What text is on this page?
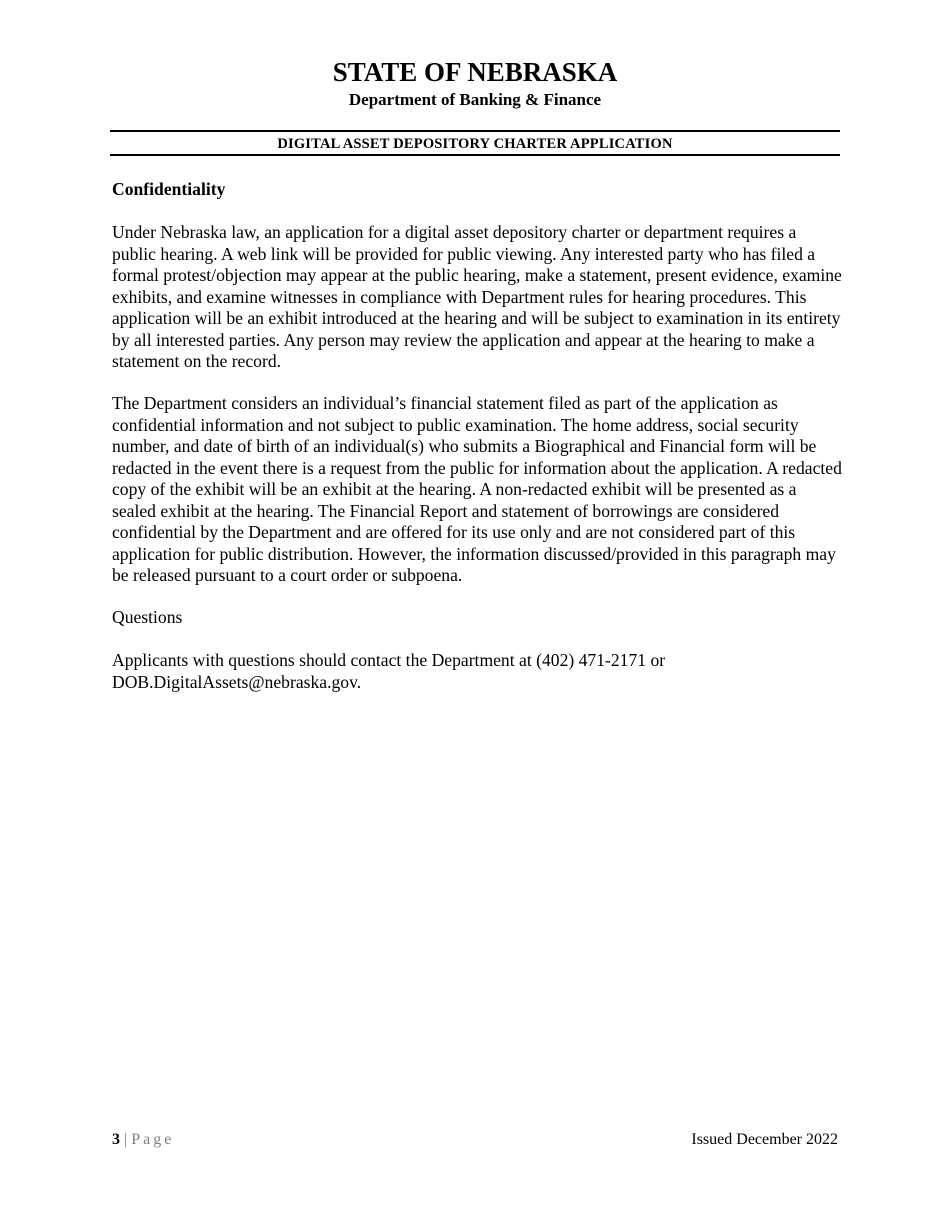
STATE OF NEBRASKA
Department of Banking & Finance
DIGITAL ASSET DEPOSITORY CHARTER APPLICATION
Confidentiality
Under Nebraska law, an application for a digital asset depository charter or department requires a public hearing. A web link will be provided for public viewing. Any interested party who has filed a formal protest/objection may appear at the public hearing, make a statement, present evidence, examine exhibits, and examine witnesses in compliance with Department rules for hearing procedures. This application will be an exhibit introduced at the hearing and will be subject to examination in its entirety by all interested parties. Any person may review the application and appear at the hearing to make a statement on the record.
The Department considers an individual’s financial statement filed as part of the application as confidential information and not subject to public examination. The home address, social security number, and date of birth of an individual(s) who submits a Biographical and Financial form will be redacted in the event there is a request from the public for information about the application. A redacted copy of the exhibit will be an exhibit at the hearing. A non-redacted exhibit will be presented as a sealed exhibit at the hearing. The Financial Report and statement of borrowings are considered confidential by the Department and are offered for its use only and are not considered part of this application for public distribution. However, the information discussed/provided in this paragraph may be released pursuant to a court order or subpoena.
Questions
Applicants with questions should contact the Department at (402) 471-2171 or DOB.DigitalAssets@nebraska.gov.
3 | Page	Issued December 2022
